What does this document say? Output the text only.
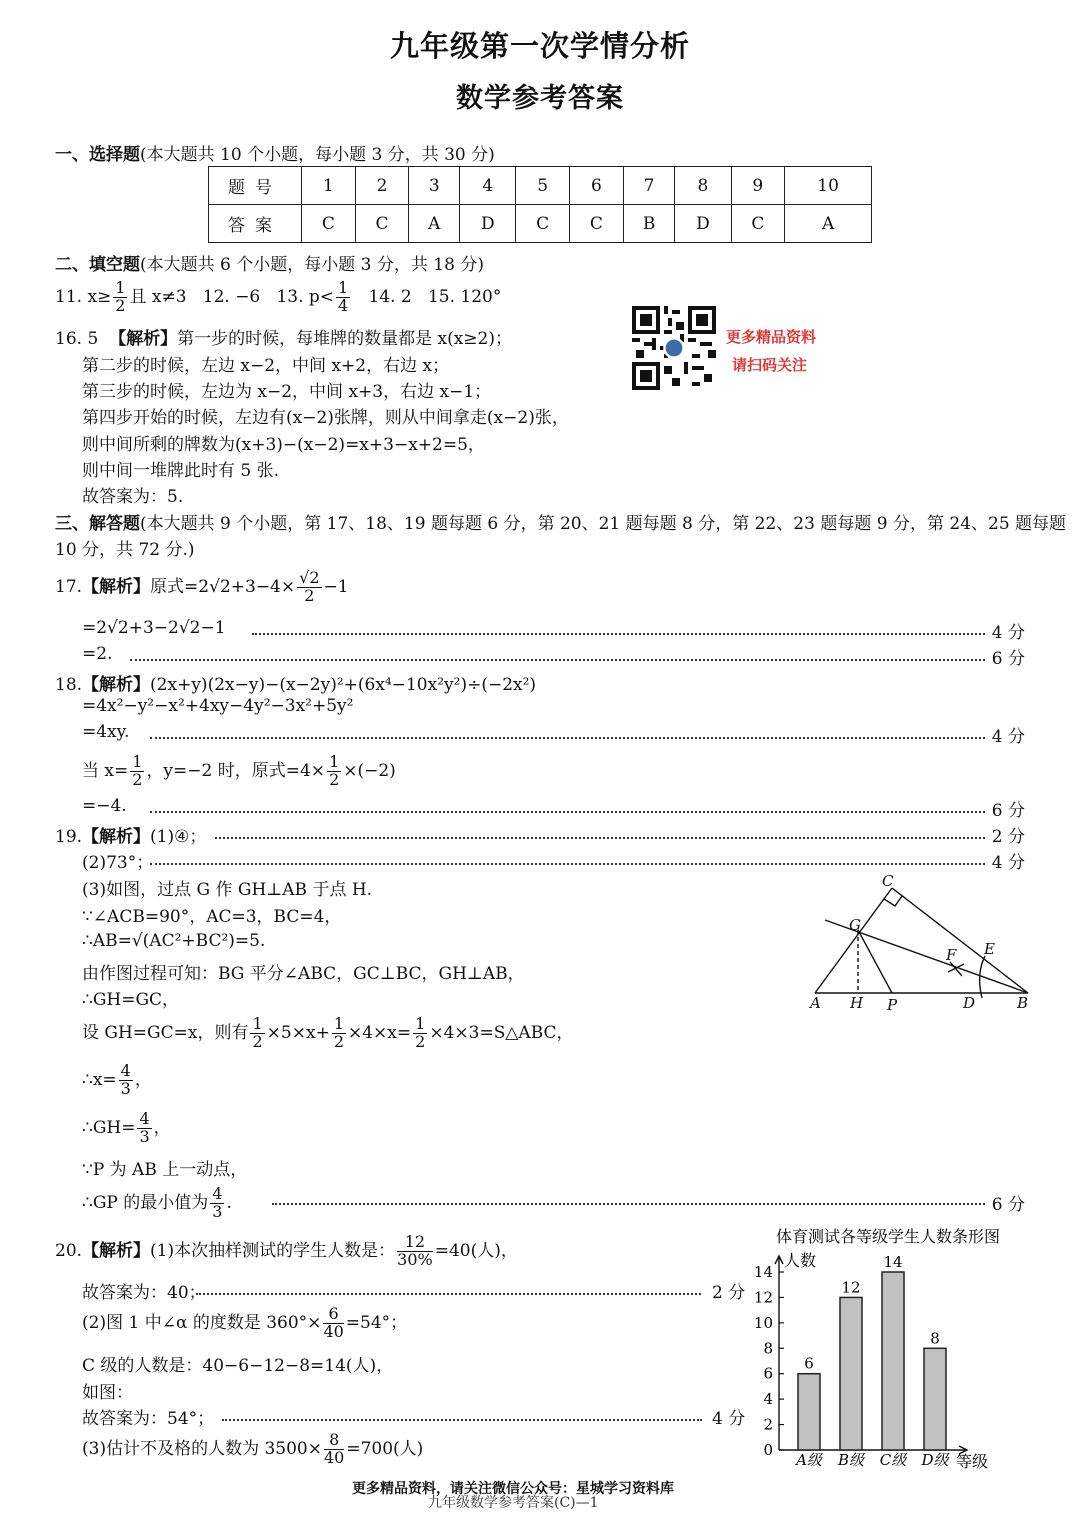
九年级第一次学情分析
数学参考答案
一、选择题(本大题共 10 个小题，每小题 3 分，共 30 分)
题号	1	2	3	4	5	6	7	8	9	10
答案	C	C	A	D	C	C	B	D	C	A
二、填空题(本大题共 6 个小题，每小题 3 分，共 18 分)
11. $x\ge \frac{1}{2}$ 且 x≠3 12. −6 13. $p< \frac{1}{4} 14$. 2 15. 120°
16. 5 【解析】第一步的时候，每堆牌的数量都是 x(x≥2)；
第二步的时候，左边 x−2，中间 x+2，右边 x；
第三步的时候，左边为 x−2，中间 x+3，右边 x−1；
第四步开始的时候，左边有(x−2)张牌，则从中间拿走(x−2)张，
则中间所剩的牌数为(x+3)−(x−2)=x+3−x+2=5，
则中间一堆牌此时有 5 张.
故答案为：5.
更多精品资料
请扫码关注
三、解答题(本大题共 9 个小题，第 17、18、19 题每题 6 分，第 20、21 题每题 8 分，第 22、23 题每题 9 分，第 24、25 题每题
10 分，共 72 分.)
17.【解析】原式$=2√2+3-4\times \frac{√2}{2} -1$
=2√2+3−2√2−1	4 分
=2.	6 分
18.【解析】(2x+y)(2x−y)−(x−2y)²+(6x⁴−10x²y²)÷(−2x²)
=4x²−y²−x²+4xy−4y²−3x²+5y²
=4xy.	4 分
当 $x= \frac{1}{2}$ ，y=−2 时，原式$=4\times \frac{1}{2} \times(-2)$
=−4.	6 分
19.【解析】(1)④；	2 分
(2)73°；	4 分
(3)如图，过点 G 作 GH⊥AB 于点 H.
∵∠ACB=90°，AC=3，BC=4，
∴AB=√(AC²+BC²)=5.
由作图过程可知：BG 平分∠ABC，GC⊥BC，GH⊥AB，
∴GH=GC，
设 GH=GC=x，则有 $\frac{1}{2} \times 5\times x+ \frac{1}{2} \times 4\times x= \frac{1}{2}$ ×4×3=S△ABC，
∴x= $\frac{4}{3}$ ，
∴GH= $\frac{4}{3}$ ，
∵P 为 AB 上一动点，
∴GP 的最小值为 $\frac{4}{3}$ .	6 分
A H P	D	B
C
G
F E
20.【解析】(1)本次抽样测试的学生人数是： $\frac{12}{30\%} =40$(人)，
故答案为：40；	2 分
(2)图 1 中∠α 的度数是 $360^\circ\times \frac{6}{40} =54^\circ$；
C 级的人数是：40−6−12−8=14(人)，
如图：
故答案为：54°；	4 分
(3)估计不及格的人数为 $3500\times \frac{8}{40} =700$(人)
体育测试各等级学生人数条形图
人数
等级
0
2
4
6
8
10
12
14
6
A级
12
B级
14
C级
8
D级
更多精品资料，请关注微信公众号：星城学习资料库
九年级数学参考答案(C)—1
